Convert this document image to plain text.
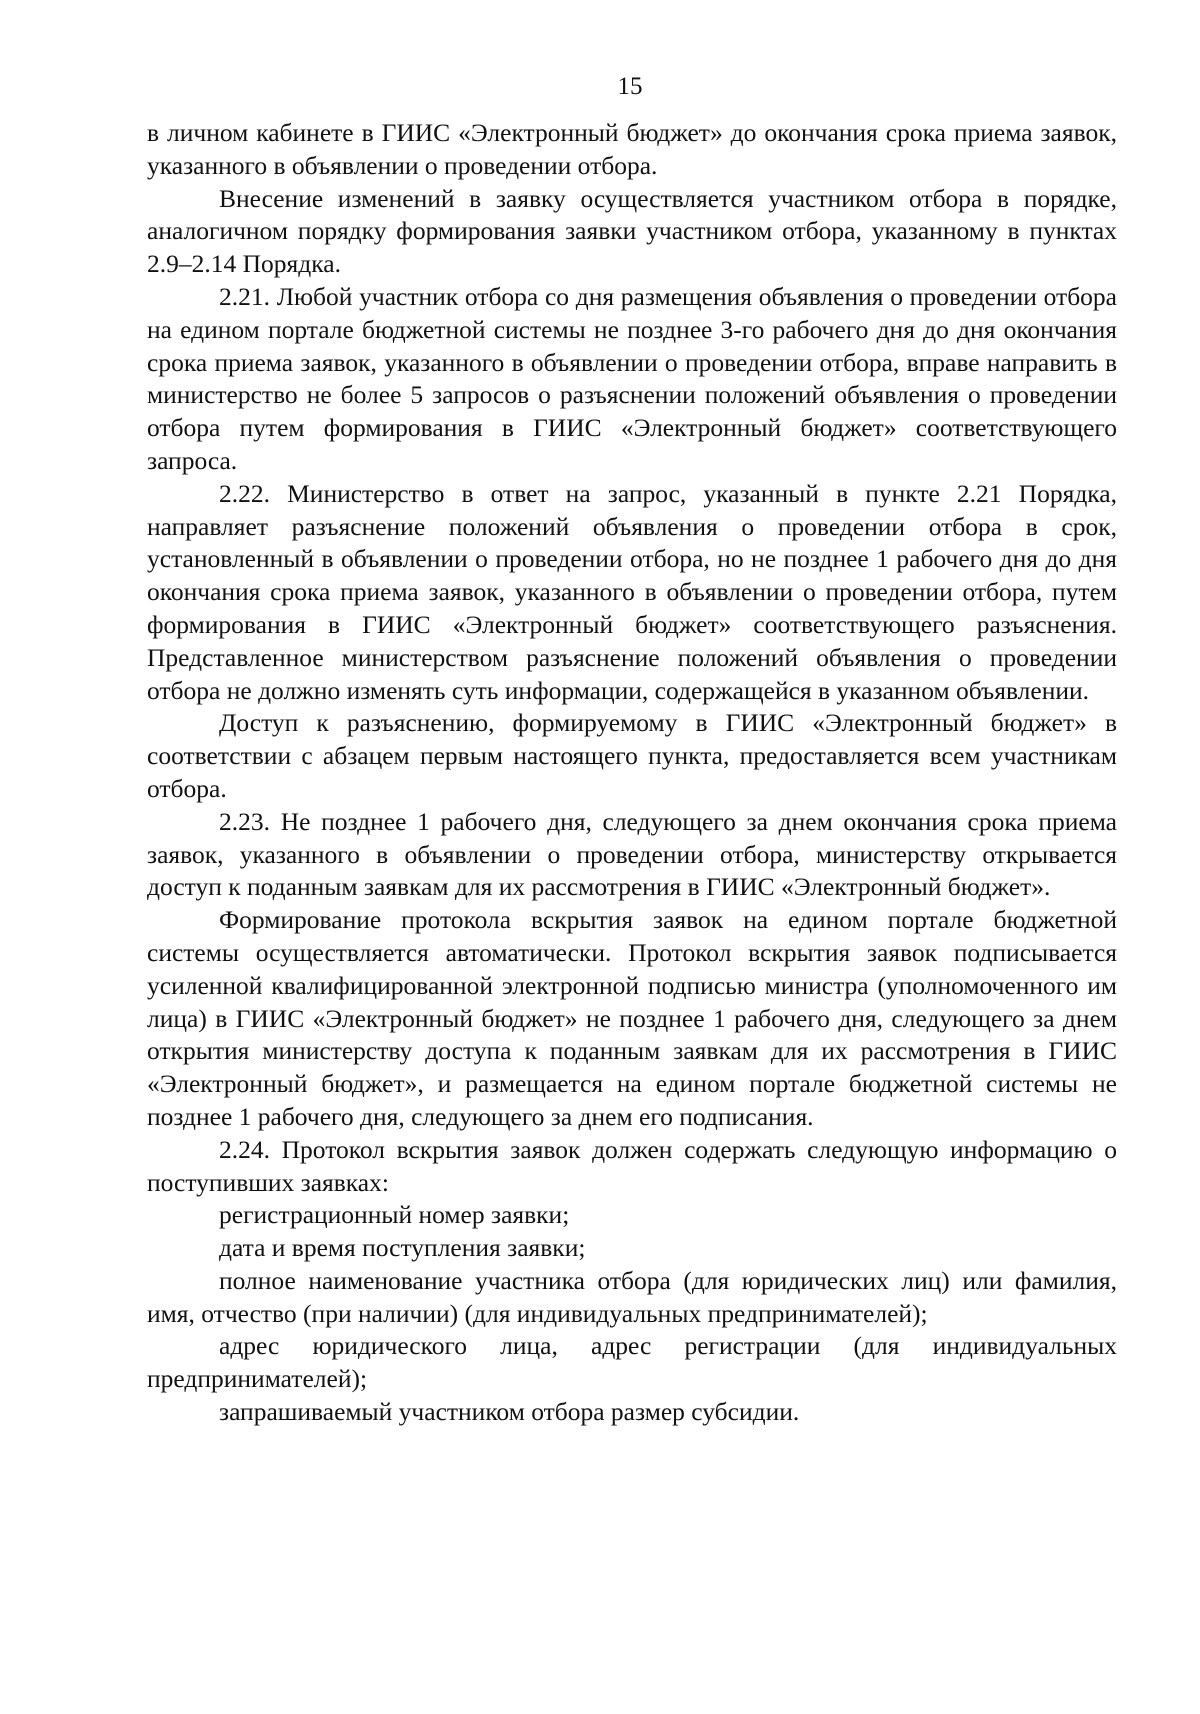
15

в личном кабинете в ГИИС «Электронный бюджет» до окончания срока приема заявок, указанного в объявлении о проведении отбора.

Внесение изменений в заявку осуществляется участником отбора в порядке, аналогичном порядку формирования заявки участником отбора, указанному в пунктах 2.9–2.14 Порядка.

2.21. Любой участник отбора со дня размещения объявления о проведении отбора на едином портале бюджетной системы не позднее 3-го рабочего дня до дня окончания срока приема заявок, указанного в объявлении о проведении отбора, вправе направить в министерство не более 5 запросов о разъяснении положений объявления о проведении отбора путем формирования в ГИИС «Электронный бюджет» соответствующего запроса.

2.22. Министерство в ответ на запрос, указанный в пункте 2.21 Порядка, направляет разъяснение положений объявления о проведении отбора в срок, установленный в объявлении о проведении отбора, но не позднее 1 рабочего дня до дня окончания срока приема заявок, указанного в объявлении о проведении отбора, путем формирования в ГИИС «Электронный бюджет» соответствующего разъяснения. Представленное министерством разъяснение положений объявления о проведении отбора не должно изменять суть информации, содержащейся в указанном объявлении.

Доступ к разъяснению, формируемому в ГИИС «Электронный бюджет» в соответствии с абзацем первым настоящего пункта, предоставляется всем участникам отбора.

2.23. Не позднее 1 рабочего дня, следующего за днем окончания срока приема заявок, указанного в объявлении о проведении отбора, министерству открывается доступ к поданным заявкам для их рассмотрения в ГИИС «Электронный бюджет».

Формирование протокола вскрытия заявок на едином портале бюджетной системы осуществляется автоматически. Протокол вскрытия заявок подписывается усиленной квалифицированной электронной подписью министра (уполномоченного им лица) в ГИИС «Электронный бюджет» не позднее 1 рабочего дня, следующего за днем открытия министерству доступа к поданным заявкам для их рассмотрения в ГИИС «Электронный бюджет», и размещается на едином портале бюджетной системы не позднее 1 рабочего дня, следующего за днем его подписания.

2.24. Протокол вскрытия заявок должен содержать следующую информацию о поступивших заявках:

регистрационный номер заявки;

дата и время поступления заявки;

полное наименование участника отбора (для юридических лиц) или фамилия, имя, отчество (при наличии) (для индивидуальных предпринимателей);

адрес юридического лица, адрес регистрации (для индивидуальных предпринимателей);

запрашиваемый участником отбора размер субсидии.
